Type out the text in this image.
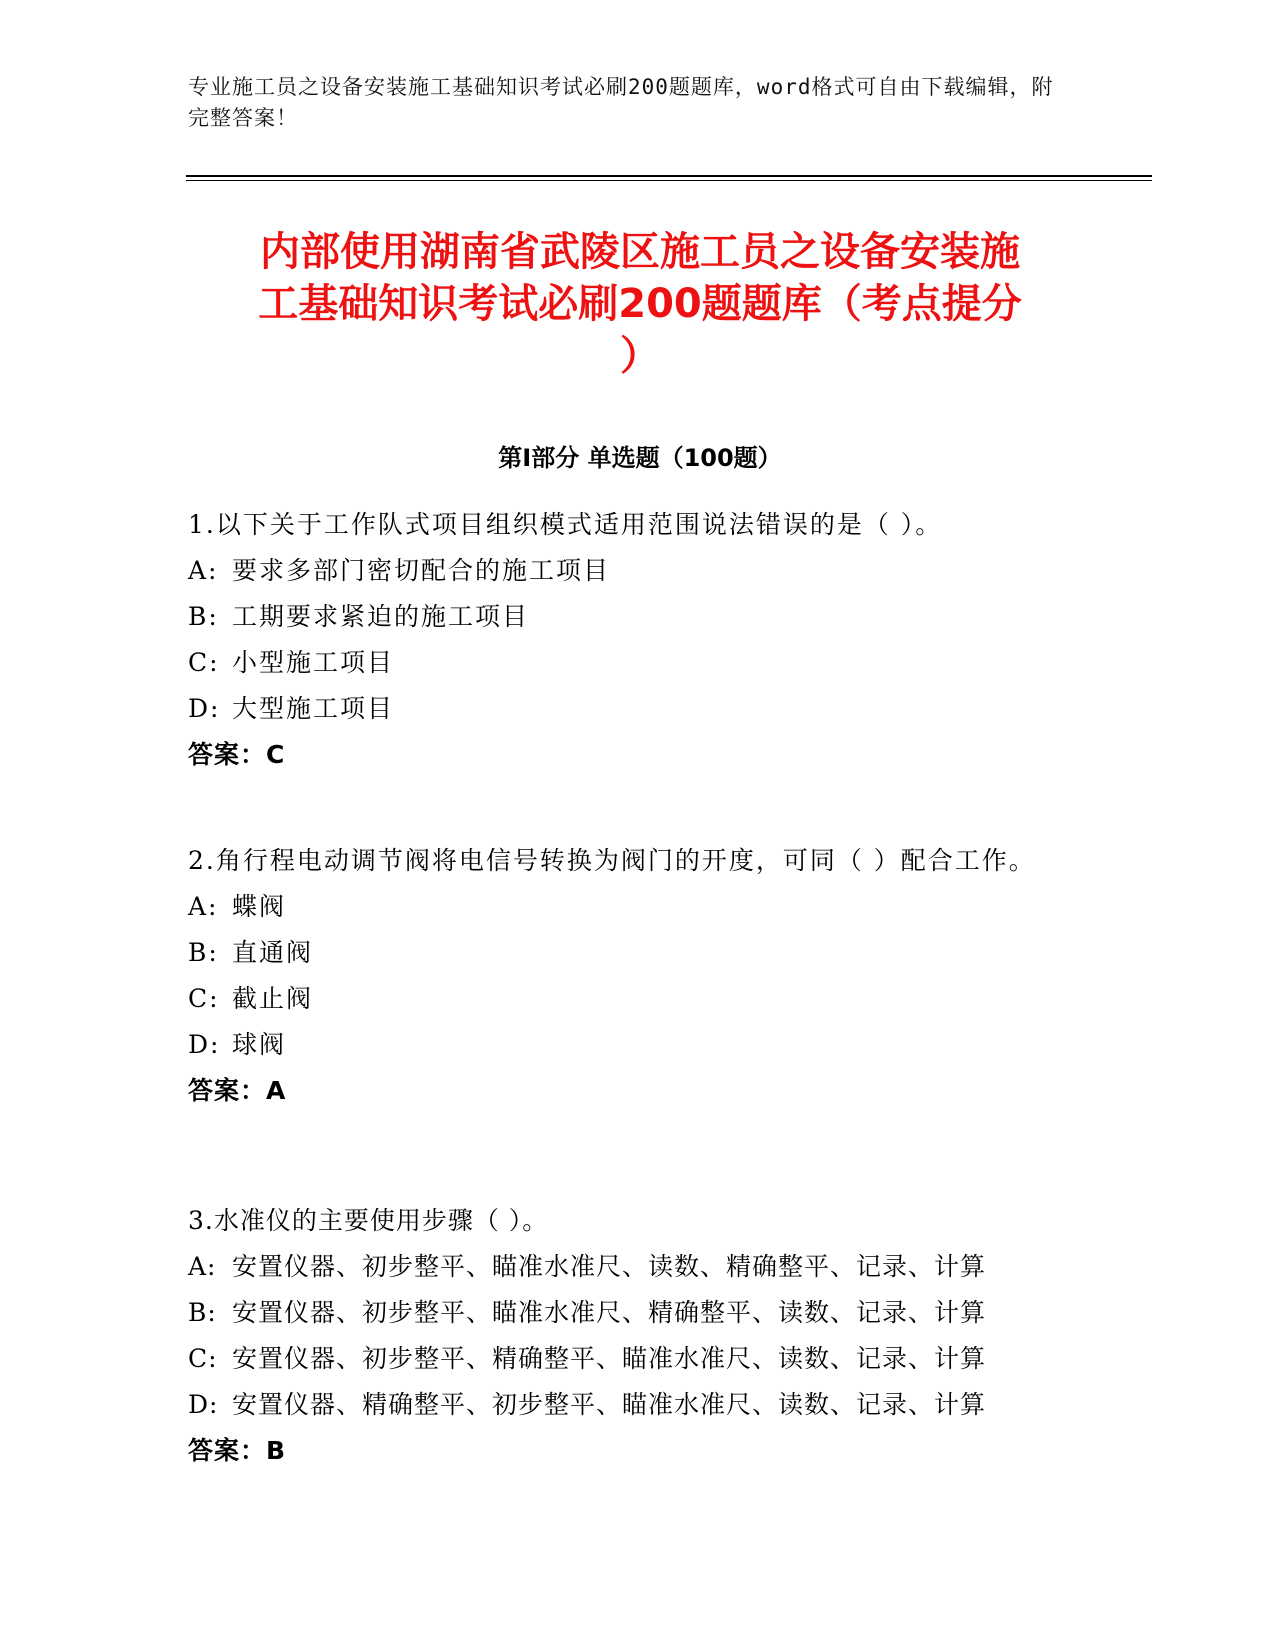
专业施工员之设备安装施工基础知识考试必刷200题题库，word格式可自由下载编辑，附完整答案！
内部使用湖南省武陵区施工员之设备安装施
工基础知识考试必刷200题题库（考点提分
）
第Ⅰ部分 单选题（100题）
1.以下关于工作队式项目组织模式适用范围说法错误的是（ ）。
A: 要求多部门密切配合的施工项目
B: 工期要求紧迫的施工项目
C: 小型施工项目
D: 大型施工项目
答案：C
2.角行程电动调节阀将电信号转换为阀门的开度，可同（ ）配合工作。
A: 蝶阀
B: 直通阀
C: 截止阀
D: 球阀
答案：A
3.水准仪的主要使用步骤（ ）。
A: 安置仪器、初步整平、瞄准水准尺、读数、精确整平、记录、计算
B: 安置仪器、初步整平、瞄准水准尺、精确整平、读数、记录、计算
C: 安置仪器、初步整平、精确整平、瞄准水准尺、读数、记录、计算
D: 安置仪器、精确整平、初步整平、瞄准水准尺、读数、记录、计算
答案：B
